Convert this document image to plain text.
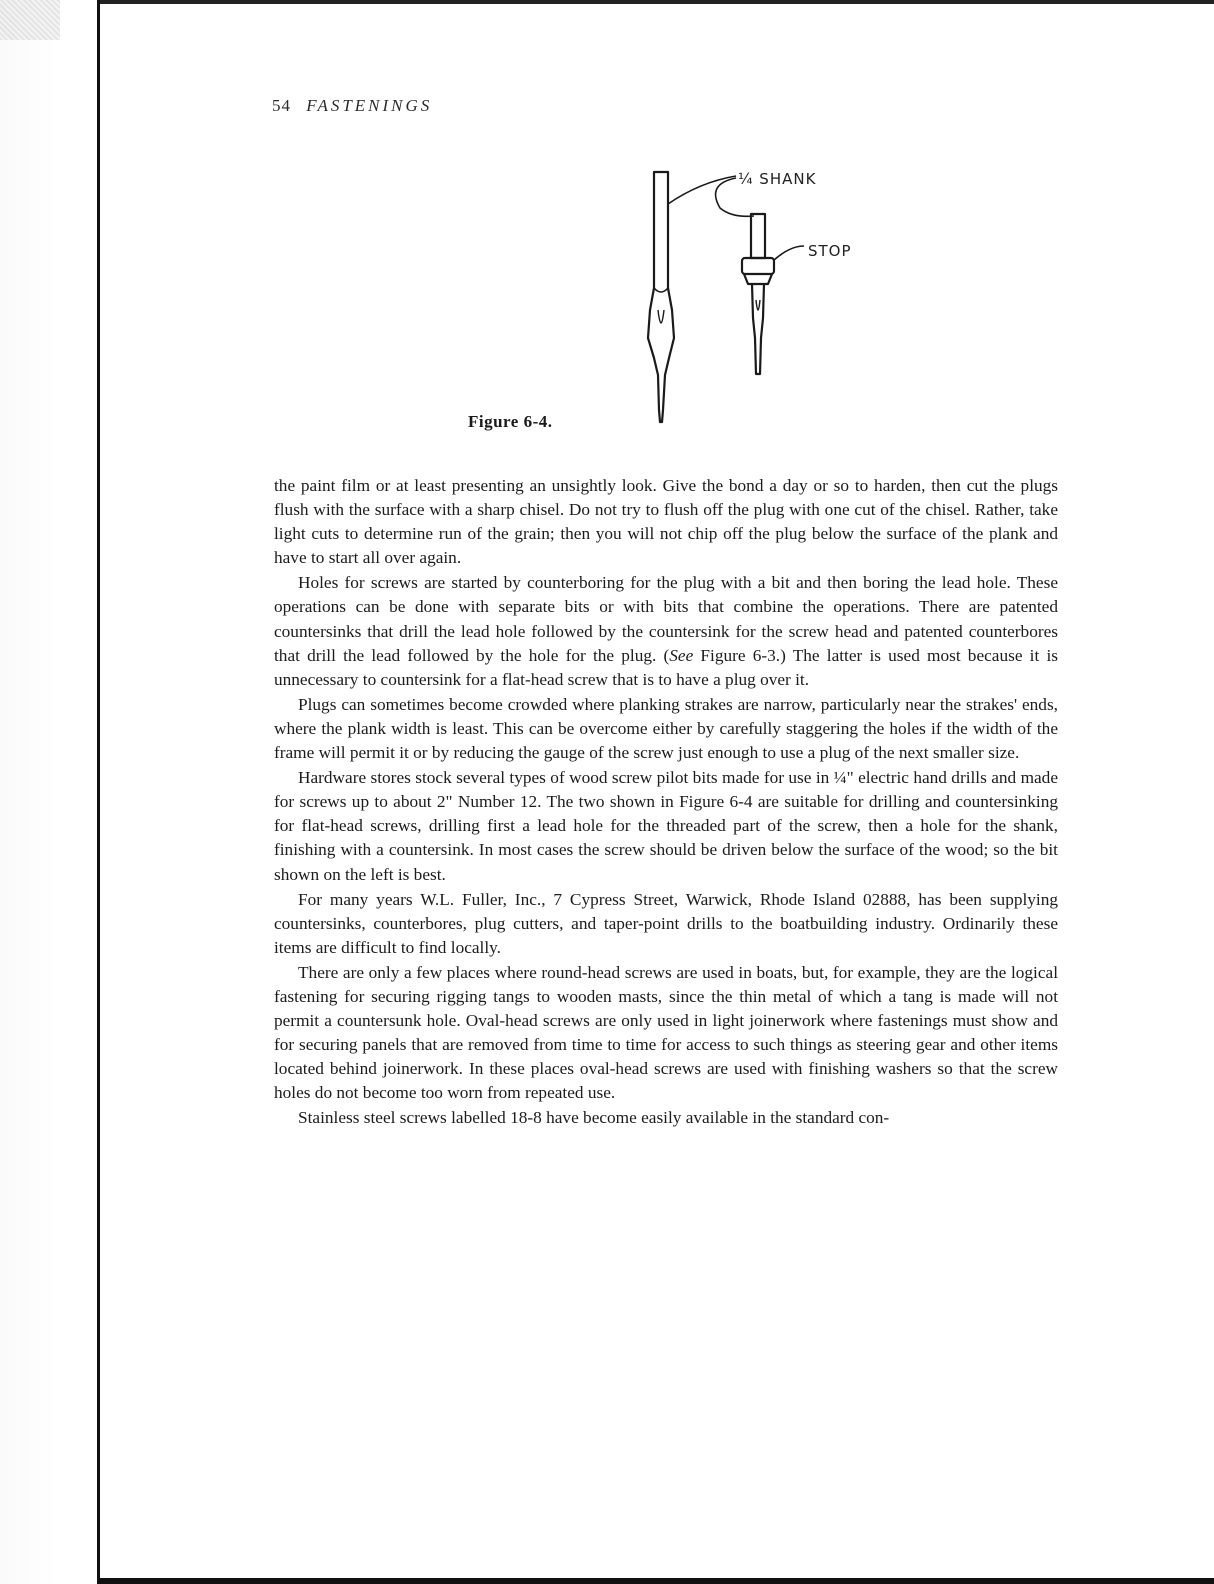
54 FASTENINGS
¼ SHANK
STOP
Figure 6-4.

the paint film or at least presenting an unsightly look. Give the bond a day or so to harden, then cut the plugs flush with the surface with a sharp chisel. Do not try to flush off the plug with one cut of the chisel. Rather, take light cuts to determine run of the grain; then you will not chip off the plug below the surface of the plank and have to start all over again.

Holes for screws are started by counterboring for the plug with a bit and then boring the lead hole. These operations can be done with separate bits or with bits that combine the operations. There are patented countersinks that drill the lead hole followed by the countersink for the screw head and patented counterbores that drill the lead followed by the hole for the plug. (See Figure 6-3.) The latter is used most because it is unnecessary to countersink for a flat-head screw that is to have a plug over it.

Plugs can sometimes become crowded where planking strakes are narrow, particularly near the strakes' ends, where the plank width is least. This can be overcome either by carefully staggering the holes if the width of the frame will permit it or by reducing the gauge of the screw just enough to use a plug of the next smaller size.

Hardware stores stock several types of wood screw pilot bits made for use in ¼" electric hand drills and made for screws up to about 2" Number 12. The two shown in Figure 6-4 are suitable for drilling and countersinking for flat-head screws, drilling first a lead hole for the threaded part of the screw, then a hole for the shank, finishing with a countersink. In most cases the screw should be driven below the surface of the wood; so the bit shown on the left is best.

For many years W.L. Fuller, Inc., 7 Cypress Street, Warwick, Rhode Island 02888, has been supplying countersinks, counterbores, plug cutters, and taper-point drills to the boatbuilding industry. Ordinarily these items are difficult to find locally.

There are only a few places where round-head screws are used in boats, but, for example, they are the logical fastening for securing rigging tangs to wooden masts, since the thin metal of which a tang is made will not permit a countersunk hole. Oval-head screws are only used in light joinerwork where fastenings must show and for securing panels that are removed from time to time for access to such things as steering gear and other items located behind joinerwork. In these places oval-head screws are used with finishing washers so that the screw holes do not become too worn from repeated use.

Stainless steel screws labelled 18-8 have become easily available in the standard con-
